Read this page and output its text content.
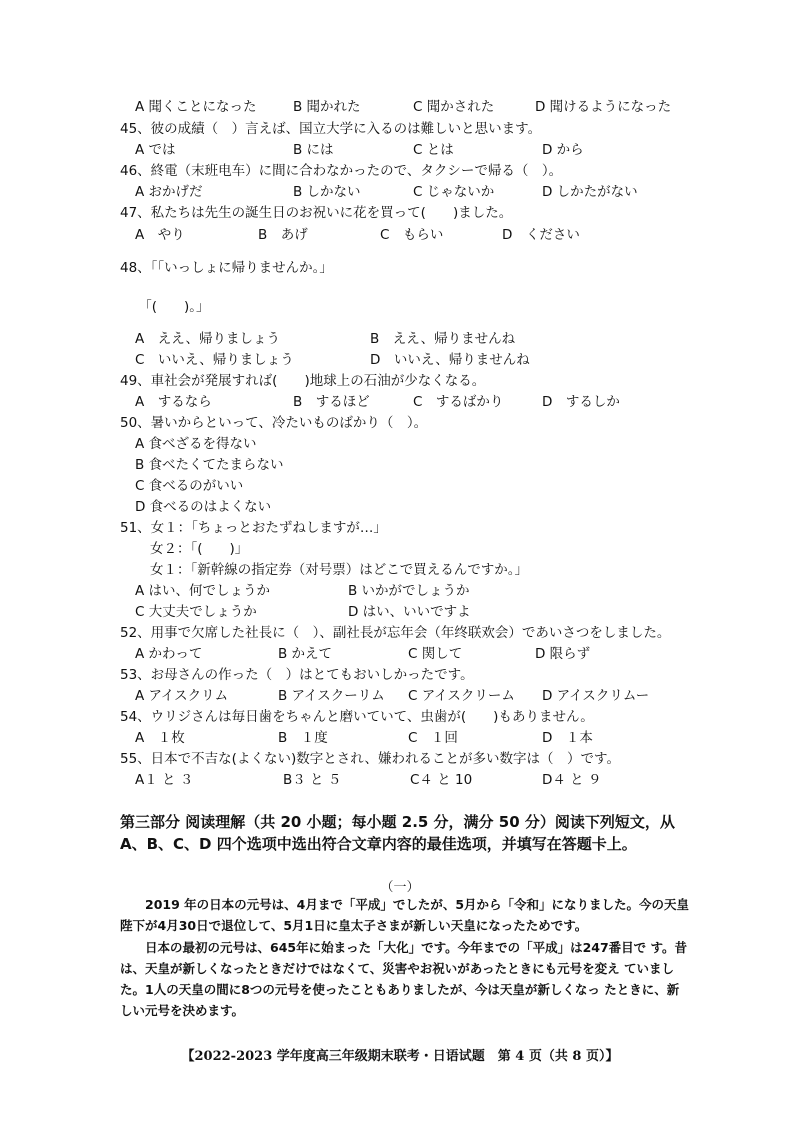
A 聞くことになった	B 聞かれた	C 聞かされた	D 聞けるようになった
45、彼の成績（　）言えば、国立大学に入るのは難しいと思います。
A では	B には	C とは	D から
46、終電（末班电车）に間に合わなかったので、タクシーで帰る（　）。
A おかげだ	B しかない	C じゃないか	D しかたがない
47、私たちは先生の誕生日のお祝いに花を買って(　　)ました。
A　やり	B　あげ	C　もらい	D　ください
48、｢｢いっしょに帰りませんか。｣
｢(　　)｡｣
A　ええ、帰りましょう	B　ええ、帰りませんね
C　いいえ、帰りましょう	D　いいえ、帰りませんね
49、車社会が発展すれば(　　)地球上の石油が少なくなる。
A　するなら	B　するほど	C　するばかり	D　するしか
50、暑いからといって、冷たいものばかり（　）。
A 食べざるを得ない
B 食べたくてたまらない
C 食べるのがいい
D 食べるのはよくない
51、女１：｢ちょっとおたずねしますが…｣
女２：｢(　　)｣
女１：｢新幹線の指定券（对号票）はどこで買えるんですか。｣
A はい、何でしょうか	B いかがでしょうか
C 大丈夫でしょうか	D はい、いいですよ
52、用事で欠席した社長に（　）、副社長が忘年会（年终联欢会）であいさつをしました。
A かわって	B かえて	C 関して	D 限らず
53、お母さんの作った（　）はとてもおいしかったです。
A アイスクリム	B アイスクーリム C アイスクリーム D アイスクリムー
54、ウリジさんは毎日歯をちゃんと磨いていて、虫歯が(　　)もありません。
A　１枚	B　１度	C　１回	D　１本
55、日本で不吉な(よくない)数字とされ、嫌われることが多い数字は（　）です。
A１ と ３	B３ と ５	C４ と 10	D４ と ９
第三部分 阅读理解（共 20 小题；每小题 2.5 分，满分 50 分）阅读下列短文，从 A、B、C、D 四个选项中选出符合文章内容的最佳选项，并填写在答题卡上。
（一）
2019 年の日本の元号は、4月まで「平成」でしたが、5月から「令和」になりました。今の天皇陛下が4月30日で退位して、5月1日に皇太子さまが新しい天皇になったためです。
日本の最初の元号は、645年に始まった「大化」です。今年までの「平成」は247番目で す。昔は、天皇が新しくなったときだけではなくて、災害やお祝いがあったときにも元号を変え ていました。1人の天皇の間に8つの元号を使ったこともありましたが、今は天皇が新しくなっ たときに、新しい元号を決めます。
【2022-2023 学年度高三年级期末联考・日语试题　第 4 页（共 8 页）】
